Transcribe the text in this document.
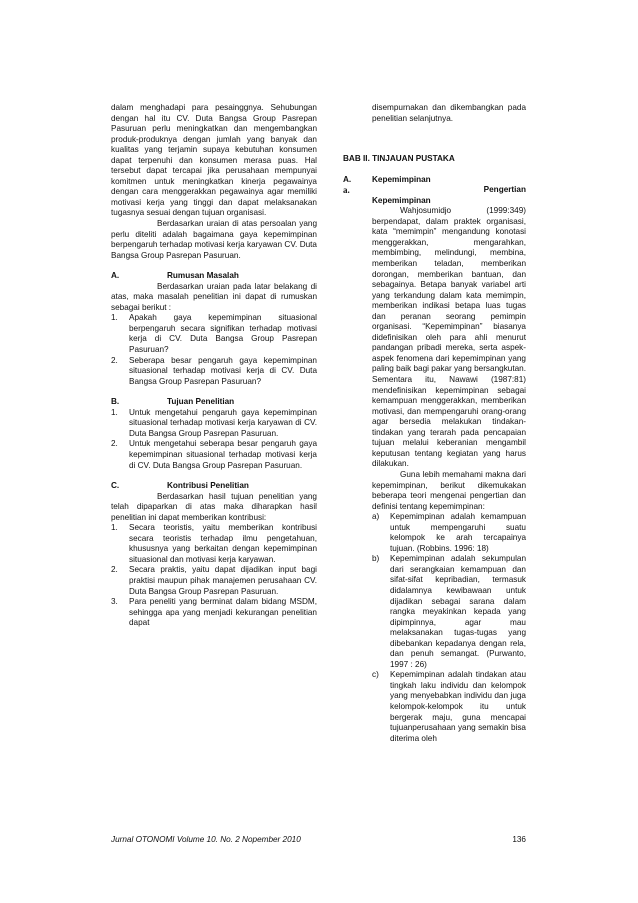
dalam menghadapi para pesainggnya. Sehubungan dengan hal itu CV. Duta Bangsa Group Pasrepan Pasuruan perlu meningkatkan dan mengembangkan produk-produknya dengan jumlah yang banyak dan kualitas yang terjamin supaya kebutuhan konsumen dapat terpenuhi dan konsumen merasa puas. Hal tersebut dapat tercapai jika perusahaan mempunyai komitmen untuk meningkatkan kinerja pegawainya dengan cara menggerakkan pegawainya agar memiliki motivasi kerja yang tinggi dan dapat melaksanakan tugasnya sesuai dengan tujuan organisasi.

Berdasarkan uraian di atas persoalan yang perlu diteliti adalah bagaimana gaya kepemimpinan berpengaruh terhadap motivasi kerja karyawan CV. Duta Bangsa Group Pasrepan Pasuruan.

A.	Rumusan Masalah

Berdasarkan uraian pada latar belakang di atas, maka masalah penelitian ini dapat di rumuskan sebagai berikut :

1.	Apakah gaya kepemimpinan situasional berpengaruh secara signifikan terhadap motivasi kerja di CV. Duta Bangsa Group Pasrepan Pasuruan?
2.	Seberapa besar pengaruh gaya kepemimpinan situasional terhadap motivasi kerja di CV. Duta Bangsa Group Pasrepan Pasuruan?
B.	Tujuan Penelitian
1.	Untuk mengetahui pengaruh gaya kepemimpinan situasional terhadap motivasi kerja karyawan di CV. Duta Bangsa Group Pasrepan Pasuruan.
2.	Untuk mengetahui seberapa besar pengaruh gaya kepemimpinan situasional terhadap motivasi kerja di CV. Duta Bangsa Group Pasrepan Pasuruan.
C.	Kontribusi Penelitian

Berdasarkan hasil tujuan penelitian yang telah dipaparkan di atas maka diharapkan hasil penelitian ini dapat memberikan kontribusi:

1.	Secara teoristis, yaitu memberikan kontribusi secara teoristis terhadap ilmu pengetahuan, khususnya yang berkaitan dengan kepemimpinan situasional dan motivasi kerja karyawan.
2.	Secara praktis, yaitu dapat dijadikan input bagi praktisi maupun pihak manajemen perusahaan CV. Duta Bangsa Group Pasrepan Pasuruan.
3.	Para peneliti yang berminat dalam bidang MSDM, sehingga apa yang menjadi kekurangan penelitian dapat

disempurnakan dan dikembangkan pada penelitian selanjutnya.

BAB II. TINJAUAN PUSTAKA
A.	Kepemimpinan
a.	Pengertian
Kepemimpinan

Wahjosumidjo (1999:349) berpendapat, dalam praktek organisasi, kata “memimpin” mengandung konotasi menggerakkan, mengarahkan, membimbing, melindungi, membina, memberikan teladan, memberikan dorongan, memberikan bantuan, dan sebagainya. Betapa banyak variabel arti yang terkandung dalam kata memimpin, memberikan indikasi betapa luas tugas dan peranan seorang pemimpin organisasi. “Kepemimpinan” biasanya didefinisikan oleh para ahli menurut pandangan pribadi mereka, serta aspek-aspek fenomena dari kepemimpinan yang paling baik bagi pakar yang bersangkutan. Sementara itu, Nawawi (1987:81) mendefinisikan kepemimpinan sebagai kemampuan menggerakkan, memberikan motivasi, dan mempengaruhi orang-orang agar bersedia melakukan tindakan-tindakan yang terarah pada pencapaian tujuan melalui keberanian mengambil keputusan tentang kegiatan yang harus dilakukan.

Guna lebih memahami makna dari kepemimpinan, berikut dikemukakan beberapa teori mengenai pengertian dan definisi tentang kepemimpinan:

a)	Kepemimpinan adalah kemampuan untuk mempengaruhi suatu kelompok ke arah tercapainya tujuan. (Robbins. 1996: 18)
b)	Kepemimpinan adalah sekumpulan dari serangkaian kemampuan dan sifat-sifat kepribadian, termasuk didalamnya kewibawaan untuk dijadikan sebagai sarana dalam rangka meyakinkan kepada yang dipimpinnya, agar mau melaksanakan tugas-tugas yang dibebankan kepadanya dengan rela, dan penuh semangat. (Purwanto, 1997 : 26)
c)	Kepemimpinan adalah tindakan atau tingkah laku individu dan kelompok yang menyebabkan individu dan juga kelompok-kelompok itu untuk bergerak maju, guna mencapai tujuanperusahaan yang semakin bisa diterima oleh
Jurnal OTONOMI Volume 10. No. 2 Nopember 2010	136
